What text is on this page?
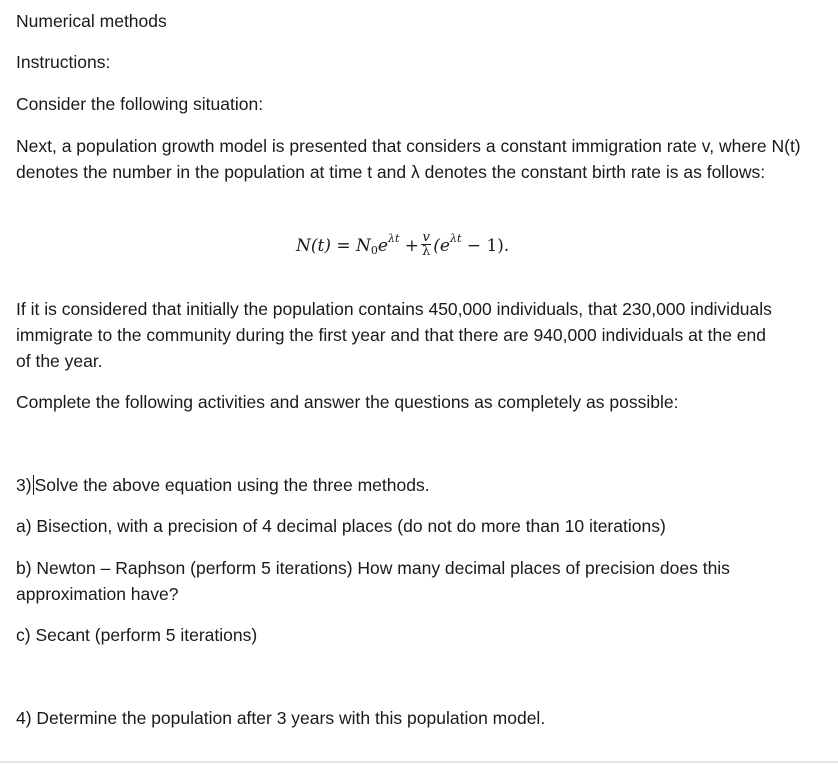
Numerical methods
Instructions:
Consider the following situation:
Next, a population growth model is presented that considers a constant immigration rate v, where N(t) denotes the number in the population at time t and λ denotes the constant birth rate is as follows:
If it is considered that initially the population contains 450,000 individuals, that 230,000 individuals immigrate to the community during the first year and that there are 940,000 individuals at the end of the year.
Complete the following activities and answer the questions as completely as possible:
3) Solve the above equation using the three methods.
a) Bisection, with a precision of 4 decimal places (do not do more than 10 iterations)
b) Newton – Raphson (perform 5 iterations) How many decimal places of precision does this approximation have?
c) Secant (perform 5 iterations)
4) Determine the population after 3 years with this population model.
$N(t) = N_0e^{\lambda t} + \frac{v}{\lambda} (e^{\lambda t} - 1)$.
